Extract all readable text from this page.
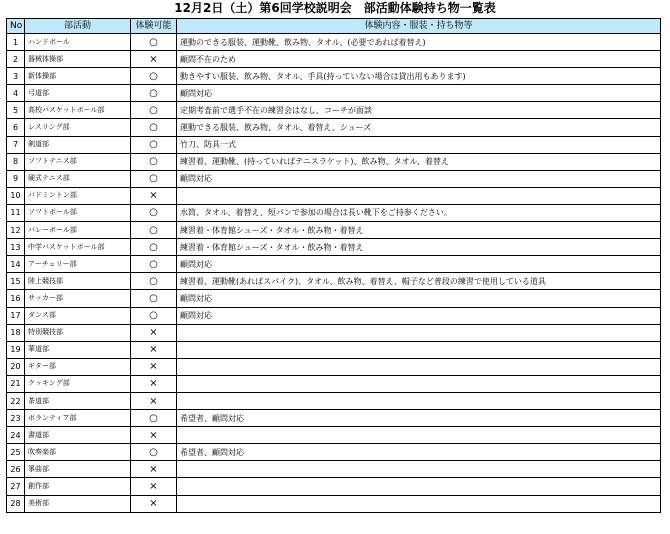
12月2日（土）第6回学校説明会　部活動体験持ち物一覧表
No	部活動	体験可能	体験内容・服装・持ち物等
1	ハンドボール	○	運動のできる服装、運動靴、飲み物、タオル、(必要であれば着替え)
2	器械体操部	×	顧問不在のため
3	新体操部	○	動きやすい服装、飲み物、タオル、手具(持っていない場合は貸出用もあります)
4	弓道部	○	顧問対応
5	高校バスケットボール部	○	定期考査前で選手不在の練習会はなし、コーチが面談
6	レスリング部	○	運動できる服装、飲み物、タオル、着替え、シューズ
7	剣道部	○	竹刀、防具一式
8	ソフトテニス部	○	練習着、運動靴、(持っていればテニスラケット)、飲み物、タオル、着替え
9	硬式テニス部	○	顧問対応
10	バドミントン部	×	
11	ソフトボール部	○	水筒、タオル、着替え、短パンで参加の場合は長い靴下をご持参ください。
12	バレーボール部	○	練習着・体育館シューズ・タオル・飲み物・着替え
13	中学バスケットボール部	○	練習着・体育館シューズ・タオル・飲み物・着替え
14	アーチェリー部	○	顧問対応
15	陸上競技部	○	練習着、運動靴(あればスパイク)、タオル、飲み物、着替え、帽子など普段の練習で使用している道具
16	サッカー部	○	顧問対応
17	ダンス部	○	顧問対応
18	特別競技部	×	
19	華道部	×	
20	ギター部	×	
21	クッキング部	×	
22	茶道部	×	
23	ボランティア部	○	希望者、顧問対応
24	書道部	×	
25	吹奏楽部	○	希望者、顧問対応
26	箏曲部	×	
27	創作部	×	
28	美術部	×	
